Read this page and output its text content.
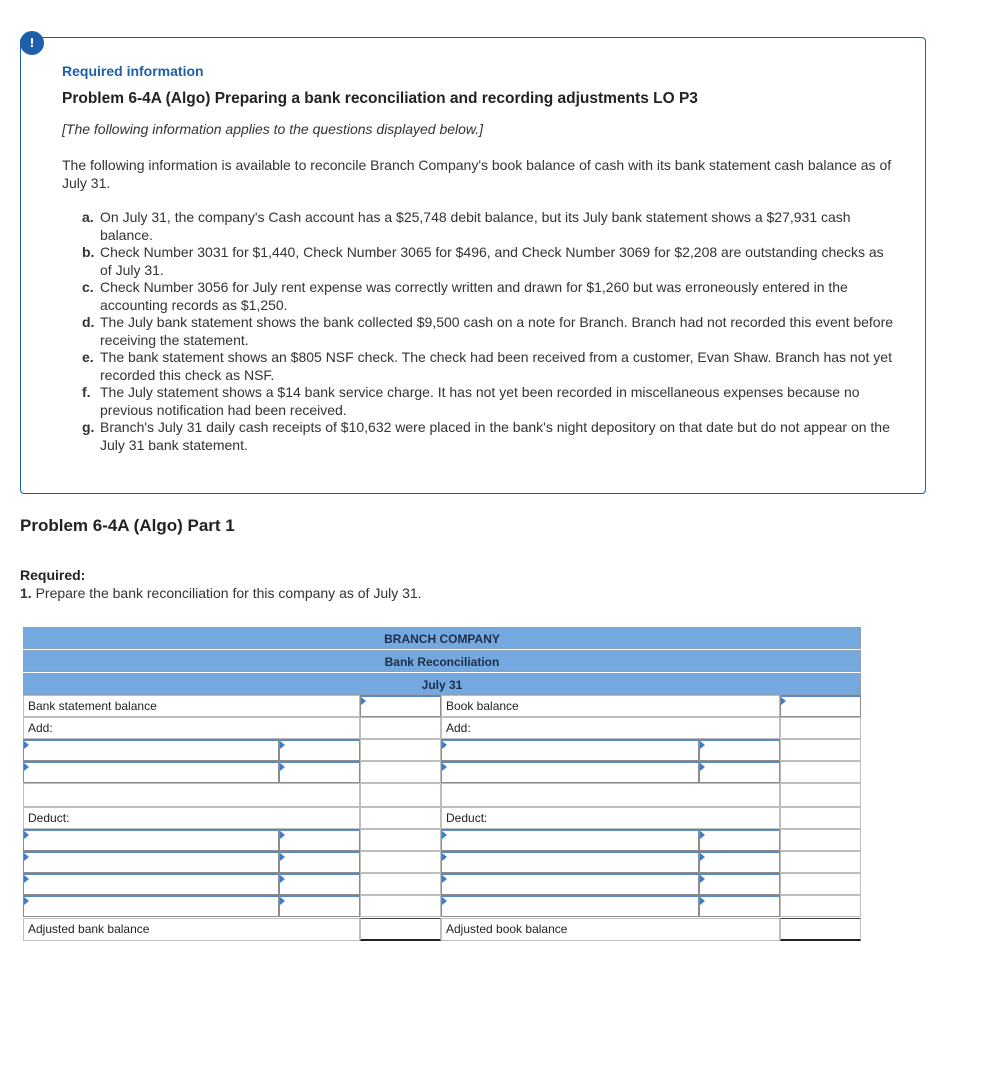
!
Required information
Problem 6-4A (Algo) Preparing a bank reconciliation and recording adjustments LO P3
[The following information applies to the questions displayed below.]
The following information is available to reconcile Branch Company's book balance of cash with its bank statement cash balance as of July 31.
a. On July 31, the company's Cash account has a $25,748 debit balance, but its July bank statement shows a $27,931 cash balance.
b. Check Number 3031 for $1,440, Check Number 3065 for $496, and Check Number 3069 for $2,208 are outstanding checks as of July 31.
c. Check Number 3056 for July rent expense was correctly written and drawn for $1,260 but was erroneously entered in the accounting records as $1,250.
d. The July bank statement shows the bank collected $9,500 cash on a note for Branch. Branch had not recorded this event before receiving the statement.
e. The bank statement shows an $805 NSF check. The check had been received from a customer, Evan Shaw. Branch has not yet recorded this check as NSF.
f. The July statement shows a $14 bank service charge. It has not yet been recorded in miscellaneous expenses because no previous notification had been received.
g. Branch's July 31 daily cash receipts of $10,632 were placed in the bank's night depository on that date but do not appear on the July 31 bank statement.
Problem 6-4A (Algo) Part 1
Required:
1. Prepare the bank reconciliation for this company as of July 31.
BRANCH COMPANY
Bank Reconciliation
July 31
Bank statement balance	Book balance
Add:	Add:
Deduct:	Deduct:
Adjusted bank balance	Adjusted book balance
